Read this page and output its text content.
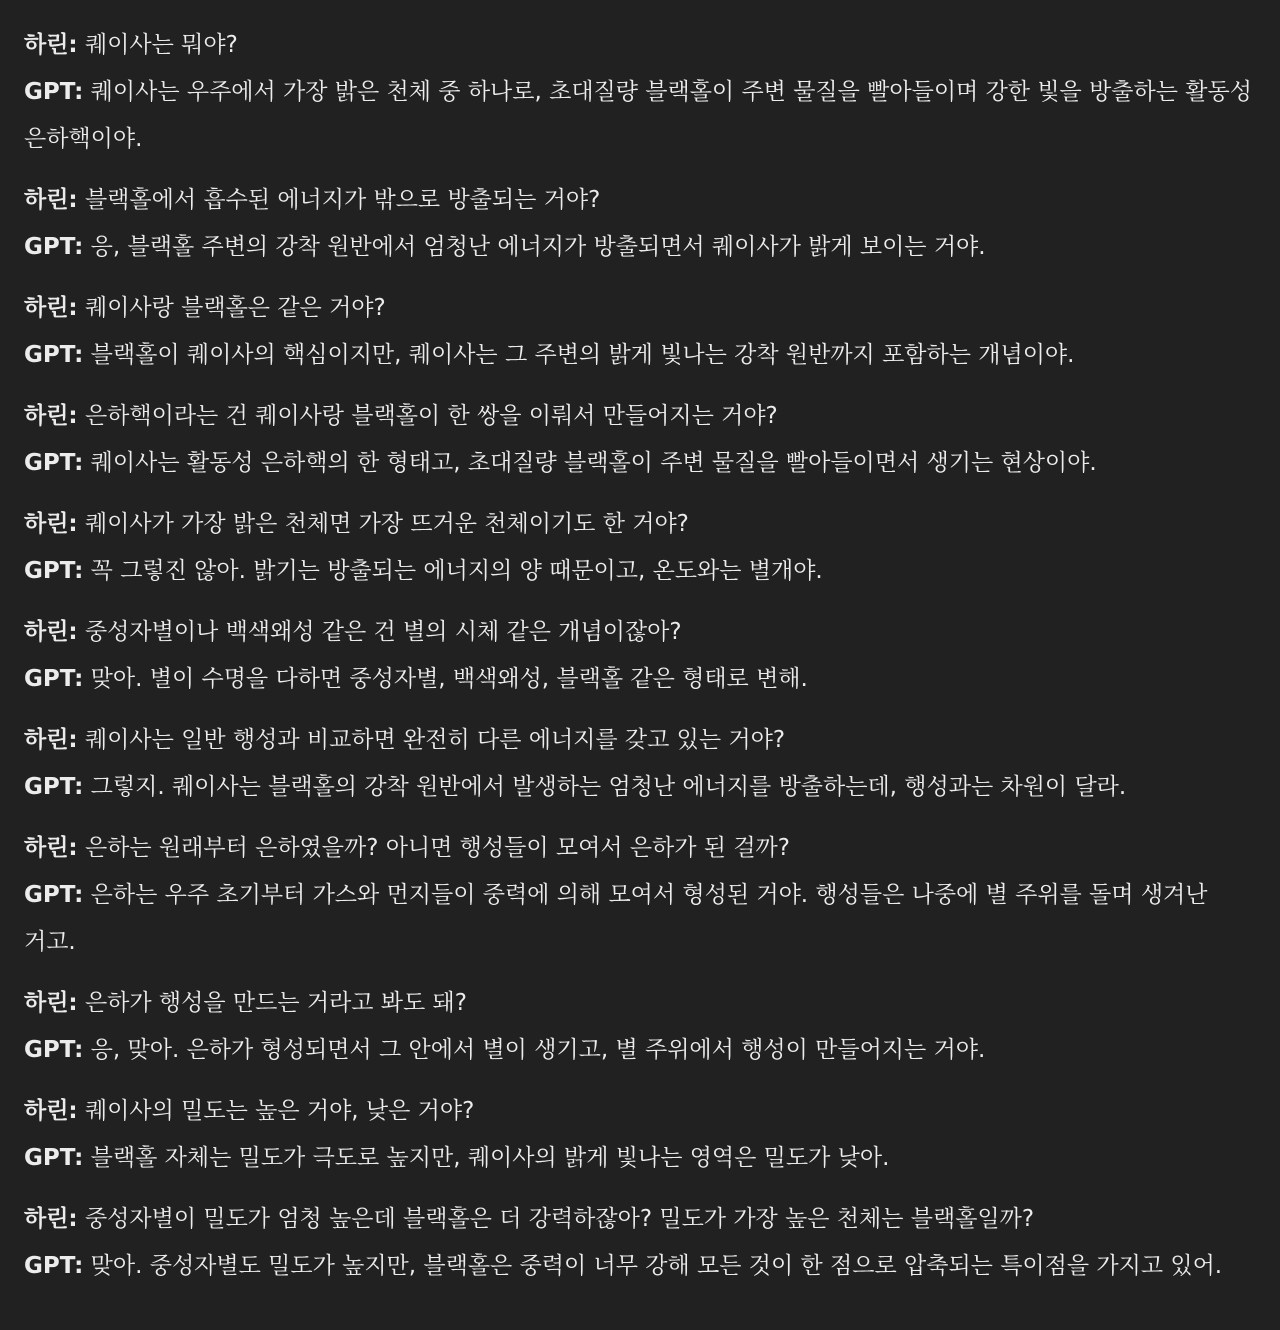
하린: 퀘이사는 뭐야?

GPT: 퀘이사는 우주에서 가장 밝은 천체 중 하나로, 초대질량 블랙홀이 주변 물질을 빨아들이며 강한 빛을 방출하는 활동성 은하핵이야.

하린: 블랙홀에서 흡수된 에너지가 밖으로 방출되는 거야?

GPT: 응, 블랙홀 주변의 강착 원반에서 엄청난 에너지가 방출되면서 퀘이사가 밝게 보이는 거야.

하린: 퀘이사랑 블랙홀은 같은 거야?

GPT: 블랙홀이 퀘이사의 핵심이지만, 퀘이사는 그 주변의 밝게 빛나는 강착 원반까지 포함하는 개념이야.

하린: 은하핵이라는 건 퀘이사랑 블랙홀이 한 쌍을 이뤄서 만들어지는 거야?

GPT: 퀘이사는 활동성 은하핵의 한 형태고, 초대질량 블랙홀이 주변 물질을 빨아들이면서 생기는 현상이야.

하린: 퀘이사가 가장 밝은 천체면 가장 뜨거운 천체이기도 한 거야?

GPT: 꼭 그렇진 않아. 밝기는 방출되는 에너지의 양 때문이고, 온도와는 별개야.

하린: 중성자별이나 백색왜성 같은 건 별의 시체 같은 개념이잖아?

GPT: 맞아. 별이 수명을 다하면 중성자별, 백색왜성, 블랙홀 같은 형태로 변해.

하린: 퀘이사는 일반 행성과 비교하면 완전히 다른 에너지를 갖고 있는 거야?

GPT: 그렇지. 퀘이사는 블랙홀의 강착 원반에서 발생하는 엄청난 에너지를 방출하는데, 행성과는 차원이 달라.

하린: 은하는 원래부터 은하였을까? 아니면 행성들이 모여서 은하가 된 걸까?

GPT: 은하는 우주 초기부터 가스와 먼지들이 중력에 의해 모여서 형성된 거야. 행성들은 나중에 별 주위를 돌며 생겨난 거고.

하린: 은하가 행성을 만드는 거라고 봐도 돼?

GPT: 응, 맞아. 은하가 형성되면서 그 안에서 별이 생기고, 별 주위에서 행성이 만들어지는 거야.

하린: 퀘이사의 밀도는 높은 거야, 낮은 거야?

GPT: 블랙홀 자체는 밀도가 극도로 높지만, 퀘이사의 밝게 빛나는 영역은 밀도가 낮아.

하린: 중성자별이 밀도가 엄청 높은데 블랙홀은 더 강력하잖아? 밀도가 가장 높은 천체는 블랙홀일까?

GPT: 맞아. 중성자별도 밀도가 높지만, 블랙홀은 중력이 너무 강해 모든 것이 한 점으로 압축되는 특이점을 가지고 있어.
